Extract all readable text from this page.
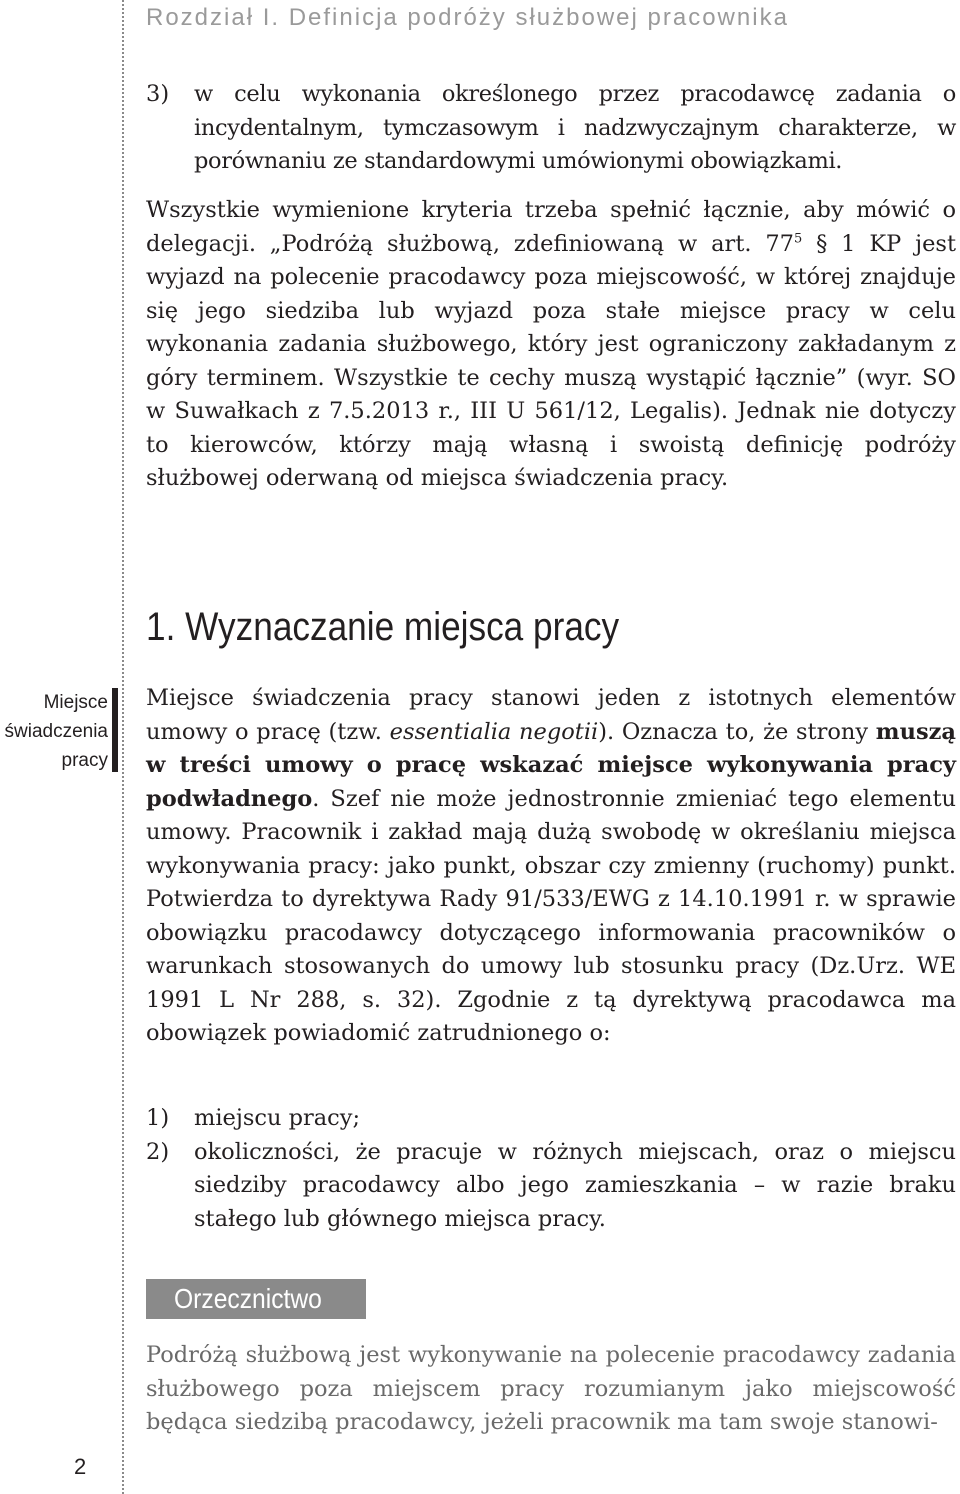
Rozdział I. Definicja podróży służbowej pracownika
3)	w celu wykonania określonego przez pracodawcę zadania o incydentalnym, tymczasowym i nadzwyczajnym charakterze, w porównaniu ze standardowymi umówionymi obowiązkami.

Wszystkie wymienione kryteria trzeba spełnić łącznie, aby mówić o delegacji. „Podróżą służbową, zdefiniowaną w art. $77^5$ § 1 KP jest wyjazd na polecenie pracodawcy poza miejscowość, w której znajduje się jego siedziba lub wyjazd poza stałe miejsce pracy w celu wykonania zadania służbowego, który jest ograniczony zakładanym z góry terminem. Wszystkie te cechy muszą wystąpić łącznie” (wyr. SO w Suwałkach z 7.5.2013 r., III U 561/12, Legalis). Jednak nie dotyczy to kierowców, którzy mają własną i swoistą definicję podróży służbowej oderwaną od miejsca świadczenia pracy.

1. Wyznaczanie miejsca pracy
Miejsce
świadczenia
pracy

Miejsce świadczenia pracy stanowi jeden z istotnych elementów umowy o pracę (tzw. essentialia negotii). Oznacza to, że strony muszą w treści umowy o pracę wskazać miejsce wykonywania pracy podwładnego. Szef nie może jednostronnie zmieniać tego elementu umowy. Pracownik i zakład mają dużą swobodę w określaniu miejsca wykonywania pracy: jako punkt, obszar czy zmienny (ruchomy) punkt. Potwierdza to dyrektywa Rady 91/533/EWG z 14.10.1991 r. w sprawie obowiązku pracodawcy dotyczącego informowania pracowników o warunkach stosowanych do umowy lub stosunku pracy (Dz.Urz. WE 1991 L Nr 288, s. 32). Zgodnie z tą dyrektywą pracodawca ma obowiązek powiadomić zatrudnionego o:

1)	miejscu pracy;
2)	okoliczności, że pracuje w różnych miejscach, oraz o miejscu siedziby pracodawcy albo jego zamieszkania – w razie braku stałego lub głównego miejsca pracy.
Orzecznictwo

Podróżą służbową jest wykonywanie na polecenie pracodawcy zadania służbowego poza miejscem pracy rozumianym jako miejscowość będąca siedzibą pracodawcy, jeżeli pracownik ma tam swoje stanowi-

2
